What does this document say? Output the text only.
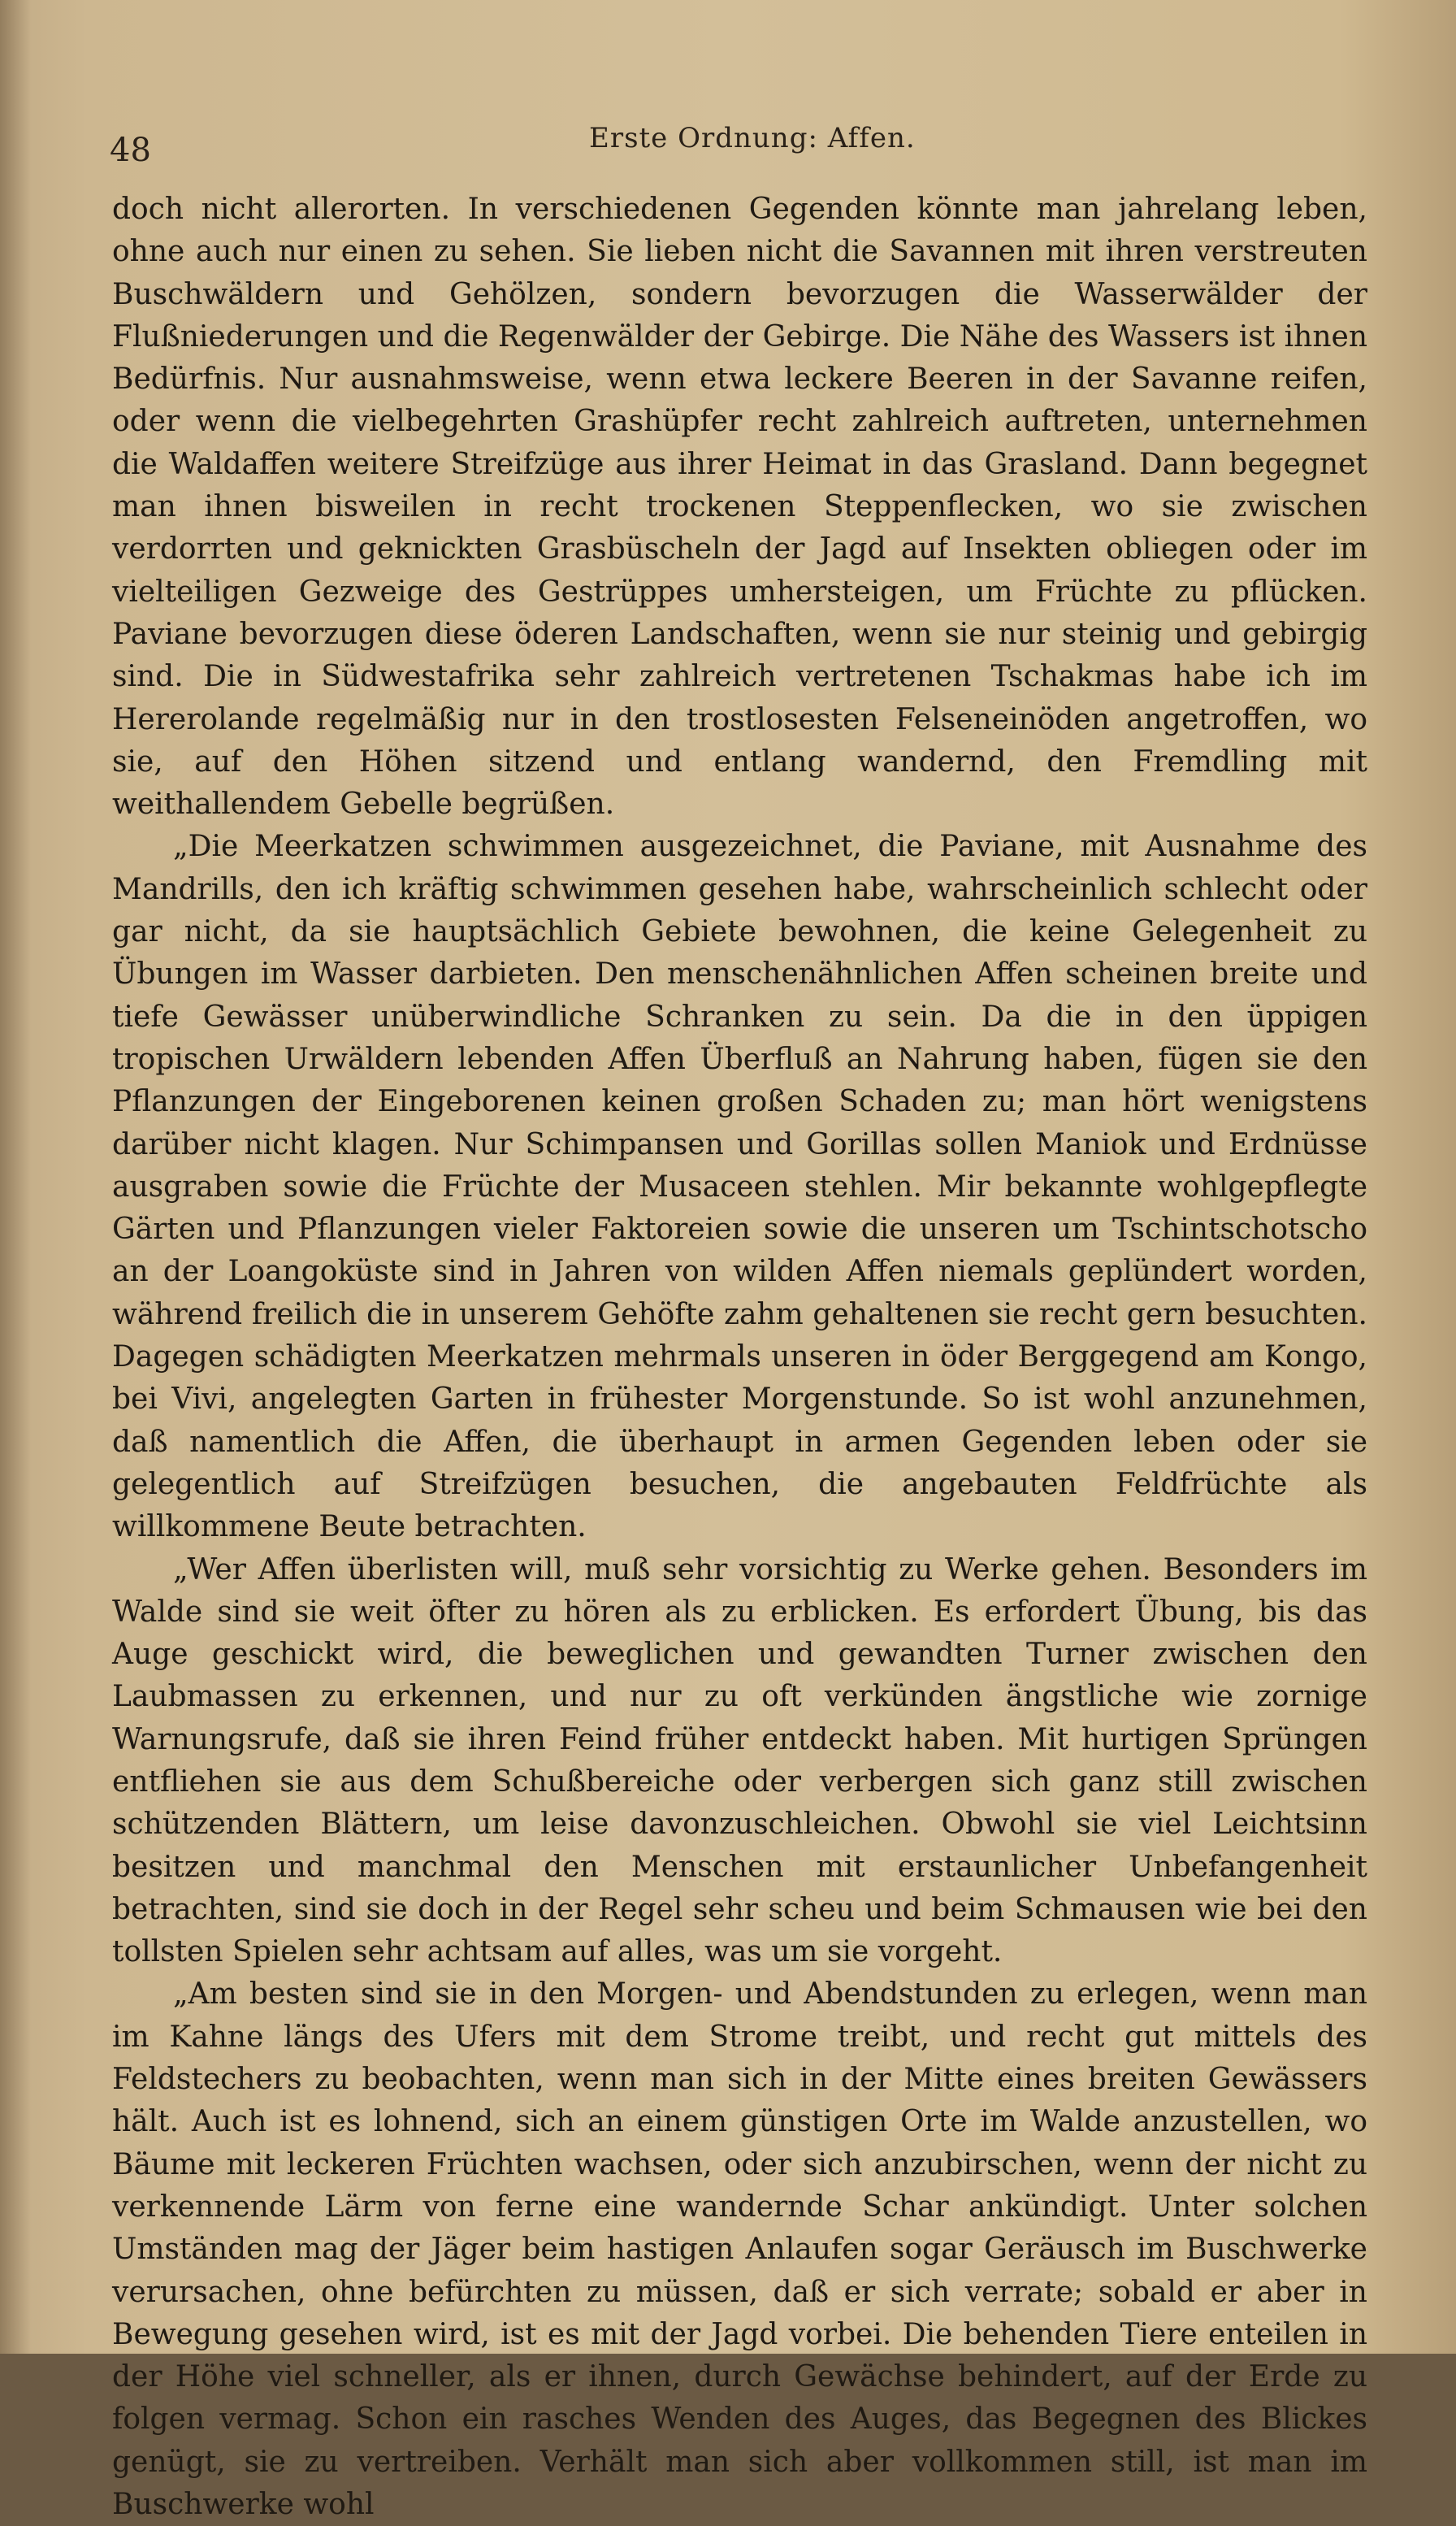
48	Erste Ordnung: Affen.

doch nicht allerorten. In verschiedenen Gegenden könnte man jahrelang leben, ohne auch nur einen zu sehen. Sie lieben nicht die Savannen mit ihren verstreuten Buschwäldern und Gehölzen, sondern bevorzugen die Wasserwälder der Flußniederungen und die Regenwälder der Gebirge. Die Nähe des Wassers ist ihnen Bedürfnis. Nur ausnahmsweise, wenn etwa leckere Beeren in der Savanne reifen, oder wenn die vielbegehrten Grashüpfer recht zahlreich auftreten, unternehmen die Waldaffen weitere Streifzüge aus ihrer Heimat in das Grasland. Dann begegnet man ihnen bisweilen in recht trockenen Steppenflecken, wo sie zwischen verdorrten und geknickten Grasbüscheln der Jagd auf Insekten obliegen oder im vielteiligen Gezweige des Gestrüppes umhersteigen, um Früchte zu pflücken. Paviane bevorzugen diese öderen Landschaften, wenn sie nur steinig und gebirgig sind. Die in Südwestafrika sehr zahlreich vertretenen Tschakmas habe ich im Hererolande regelmäßig nur in den trostlosesten Felseneinöden angetroffen, wo sie, auf den Höhen sitzend und entlang wandernd, den Fremdling mit weithallendem Gebelle begrüßen.

„Die Meerkatzen schwimmen ausgezeichnet, die Paviane, mit Ausnahme des Mandrills, den ich kräftig schwimmen gesehen habe, wahrscheinlich schlecht oder gar nicht, da sie hauptsächlich Gebiete bewohnen, die keine Gelegenheit zu Übungen im Wasser darbieten. Den menschenähnlichen Affen scheinen breite und tiefe Gewässer unüberwindliche Schranken zu sein. Da die in den üppigen tropischen Urwäldern lebenden Affen Überfluß an Nahrung haben, fügen sie den Pflanzungen der Eingeborenen keinen großen Schaden zu; man hört wenigstens darüber nicht klagen. Nur Schimpansen und Gorillas sollen Maniok und Erdnüsse ausgraben sowie die Früchte der Musaceen stehlen. Mir bekannte wohlgepflegte Gärten und Pflanzungen vieler Faktoreien sowie die unseren um Tschintschotscho an der Loangoküste sind in Jahren von wilden Affen niemals geplündert worden, während freilich die in unserem Gehöfte zahm gehaltenen sie recht gern besuchten. Dagegen schädigten Meerkatzen mehrmals unseren in öder Berggegend am Kongo, bei Vivi, angelegten Garten in frühester Morgenstunde. So ist wohl anzunehmen, daß namentlich die Affen, die überhaupt in armen Gegenden leben oder sie gelegentlich auf Streifzügen besuchen, die angebauten Feldfrüchte als willkommene Beute betrachten.

„Wer Affen überlisten will, muß sehr vorsichtig zu Werke gehen. Besonders im Walde sind sie weit öfter zu hören als zu erblicken. Es erfordert Übung, bis das Auge geschickt wird, die beweglichen und gewandten Turner zwischen den Laubmassen zu erkennen, und nur zu oft verkünden ängstliche wie zornige Warnungsrufe, daß sie ihren Feind früher entdeckt haben. Mit hurtigen Sprüngen entfliehen sie aus dem Schußbereiche oder verbergen sich ganz still zwischen schützenden Blättern, um leise davonzuschleichen. Obwohl sie viel Leichtsinn besitzen und manchmal den Menschen mit erstaunlicher Unbefangenheit betrachten, sind sie doch in der Regel sehr scheu und beim Schmausen wie bei den tollsten Spielen sehr achtsam auf alles, was um sie vorgeht.

„Am besten sind sie in den Morgen- und Abendstunden zu erlegen, wenn man im Kahne längs des Ufers mit dem Strome treibt, und recht gut mittels des Feldstechers zu beobachten, wenn man sich in der Mitte eines breiten Gewässers hält. Auch ist es lohnend, sich an einem günstigen Orte im Walde anzustellen, wo Bäume mit leckeren Früchten wachsen, oder sich anzubirschen, wenn der nicht zu verkennende Lärm von ferne eine wandernde Schar ankündigt. Unter solchen Umständen mag der Jäger beim hastigen Anlaufen sogar Geräusch im Buschwerke verursachen, ohne befürchten zu müssen, daß er sich verrate; sobald er aber in Bewegung gesehen wird, ist es mit der Jagd vorbei. Die behenden Tiere enteilen in der Höhe viel schneller, als er ihnen, durch Gewächse behindert, auf der Erde zu folgen vermag. Schon ein rasches Wenden des Auges, das Begegnen des Blickes genügt, sie zu vertreiben. Verhält man sich aber vollkommen still, ist man im Buschwerke wohl
